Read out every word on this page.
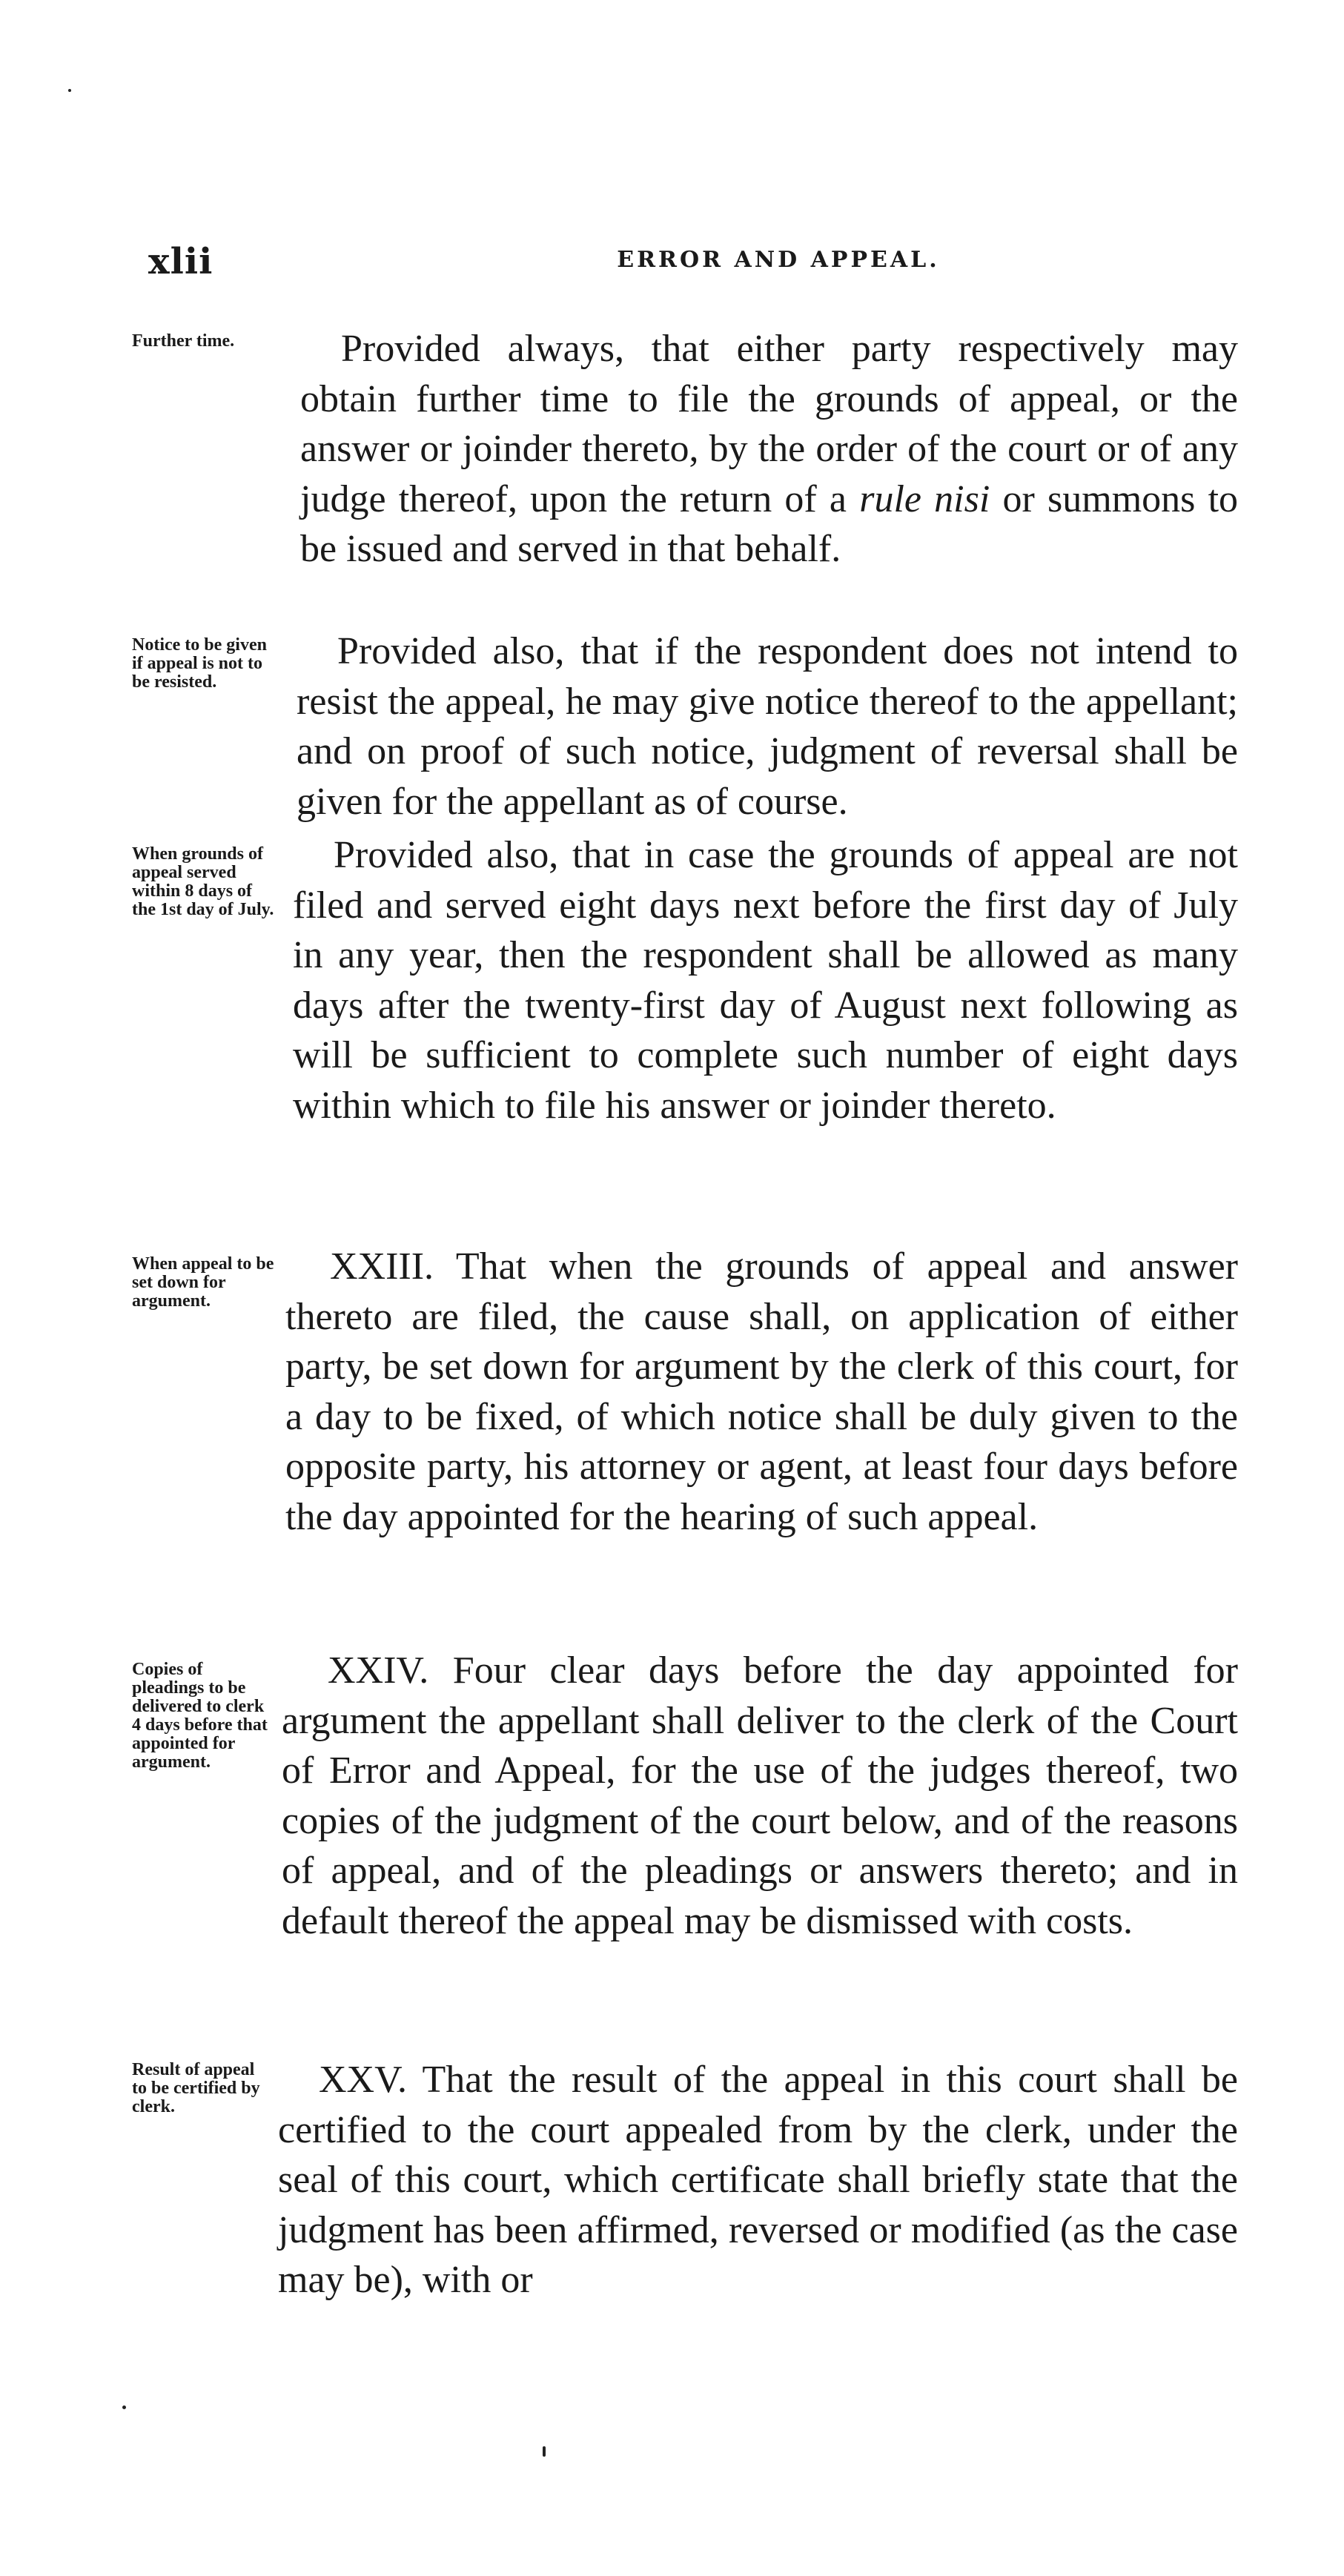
xlii	ERROR AND APPEAL.
Further time.
Notice to be given if appeal is not to be resisted.
When grounds of appeal served within 8 days of the 1st day of July.
When appeal to be set down for argument.
Copies of pleadings to be delivered to clerk 4 days before that appointed for argument.
Result of appeal to be certified by clerk.

Provided always, that either party respectively may obtain further time to file the grounds of appeal, or the answer or joinder thereto, by the order of the court or of any judge thereof, upon the return of a rule nisi or summons to be issued and served in that behalf.

Provided also, that if the respondent does not intend to resist the appeal, he may give notice thereof to the appellant; and on proof of such notice, judgment of reversal shall be given for the appellant as of course.

Provided also, that in case the grounds of appeal are not filed and served eight days next before the first day of July in any year, then the respondent shall be allowed as many days after the twenty-first day of August next following as will be sufficient to complete such number of eight days within which to file his answer or joinder thereto.

XXIII. That when the grounds of appeal and answer thereto are filed, the cause shall, on application of either party, be set down for argument by the clerk of this court, for a day to be fixed, of which notice shall be duly given to the opposite party, his attorney or agent, at least four days before the day appointed for the hearing of such appeal.

XXIV. Four clear days before the day appointed for argument the appellant shall deliver to the clerk of the Court of Error and Appeal, for the use of the judges thereof, two copies of the judgment of the court below, and of the reasons of appeal, and of the pleadings or answers thereto; and in default thereof the appeal may be dismissed with costs.

XXV. That the result of the appeal in this court shall be certified to the court appealed from by the clerk, under the seal of this court, which certificate shall briefly state that the judgment has been affirmed, reversed or modified (as the case may be), with or
